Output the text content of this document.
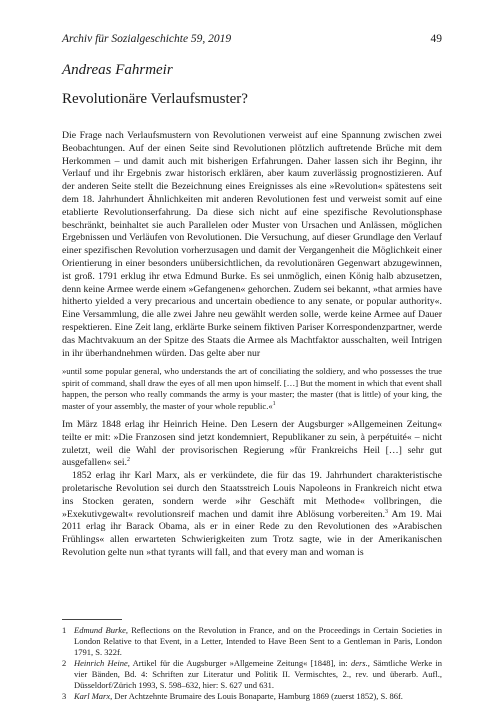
Archiv für Sozialgeschichte 59, 2019	49
Andreas Fahrmeir
Revolutionäre Verlaufsmuster?

Die Frage nach Verlaufsmustern von Revolutionen verweist auf eine Spannung zwischen zwei Beobachtungen. Auf der einen Seite sind Revolutionen plötzlich auftretende Brüche mit dem Herkommen – und damit auch mit bisherigen Erfahrungen. Daher lassen sich ihr Beginn, ihr Verlauf und ihr Ergebnis zwar historisch erklären, aber kaum zuverlässig prognostizieren. Auf der anderen Seite stellt die Bezeichnung eines Ereignisses als eine »Revolution« spätestens seit dem 18. Jahrhundert Ähnlichkeiten mit anderen Revolutionen fest und verweist somit auf eine etablierte Revolutionserfahrung. Da diese sich nicht auf eine spezifische Revolutionsphase beschränkt, beinhaltet sie auch Parallelen oder Muster von Ursachen und Anlässen, möglichen Ergebnissen und Verläufen von Revolutionen. Die Versuchung, auf dieser Grundlage den Verlauf einer spezifischen Revolution vorherzusagen und damit der Vergangenheit die Möglichkeit einer Orientierung in einer besonders unübersichtlichen, da revolutionären Gegenwart abzugewinnen, ist groß. 1791 erklug ihr etwa Edmund Burke. Es sei unmöglich, einen König halb abzusetzen, denn keine Armee werde einem »Gefangenen« gehorchen. Zudem sei bekannt, »that armies have hitherto yielded a very precarious and uncertain obedience to any senate, or popular authority«. Eine Versammlung, die alle zwei Jahre neu gewählt werden solle, werde keine Armee auf Dauer respektieren. Eine Zeit lang, erklärte Burke seinem fiktiven Pariser Korrespondenzpartner, werde das Machtvakuum an der Spitze des Staats die Armee als Machtfaktor ausschalten, weil Intrigen in ihr überhandnehmen würden. Das gelte aber nur

»until some popular general, who understands the art of conciliating the soldiery, and who possesses the true spirit of command, shall draw the eyes of all men upon himself. […] But the moment in which that event shall happen, the person who really commands the army is your master; the master (that is little) of your king, the master of your assembly, the master of your whole republic.«$^1$

Im März 1848 erlag ihr Heinrich Heine. Den Lesern der Augsburger »Allgemeinen Zeitung« teilte er mit: »Die Franzosen sind jetzt kondemniert, Republikaner zu sein, à perpétuité« – nicht zuletzt, weil die Wahl der provisorischen Regierung »für Frankreichs Heil […] sehr gut ausgefallen« sei.$^2$

1852 erlag ihr Karl Marx, als er verkündete, die für das 19. Jahrhundert charakteristische proletarische Revolution sei durch den Staatsstreich Louis Napoleons in Frankreich nicht etwa ins Stocken geraten, sondern werde »ihr Geschäft mit Methode« vollbringen, die »Exekutivgewalt« revolutionsreif machen und damit ihre Ablösung vorbereiten.$^3$ Am 19. Mai 2011 erlag ihr Barack Obama, als er in einer Rede zu den Revolutionen des »Arabischen Frühlings« allen erwarteten Schwierigkeiten zum Trotz sagte, wie in der Amerikanischen Revolution gelte nun »that tyrants will fall, and that every man and woman is

1 Edmund Burke, Reflections on the Revolution in France, and on the Proceedings in Certain Societies in London Relative to that Event, in a Letter, Intended to Have Been Sent to a Gentleman in Paris, London 1791, S. 322f.
2 Heinrich Heine, Artikel für die Augsburger »Allgemeine Zeitung« [1848], in: ders., Sämtliche Werke in vier Bänden, Bd. 4: Schriften zur Literatur und Politik II. Vermischtes, 2., rev. und überarb. Aufl., Düsseldorf/Zürich 1993, S. 598–632, hier: S. 627 und 631.
3 Karl Marx, Der Achtzehnte Brumaire des Louis Bonaparte, Hamburg 1869 (zuerst 1852), S. 86f.
